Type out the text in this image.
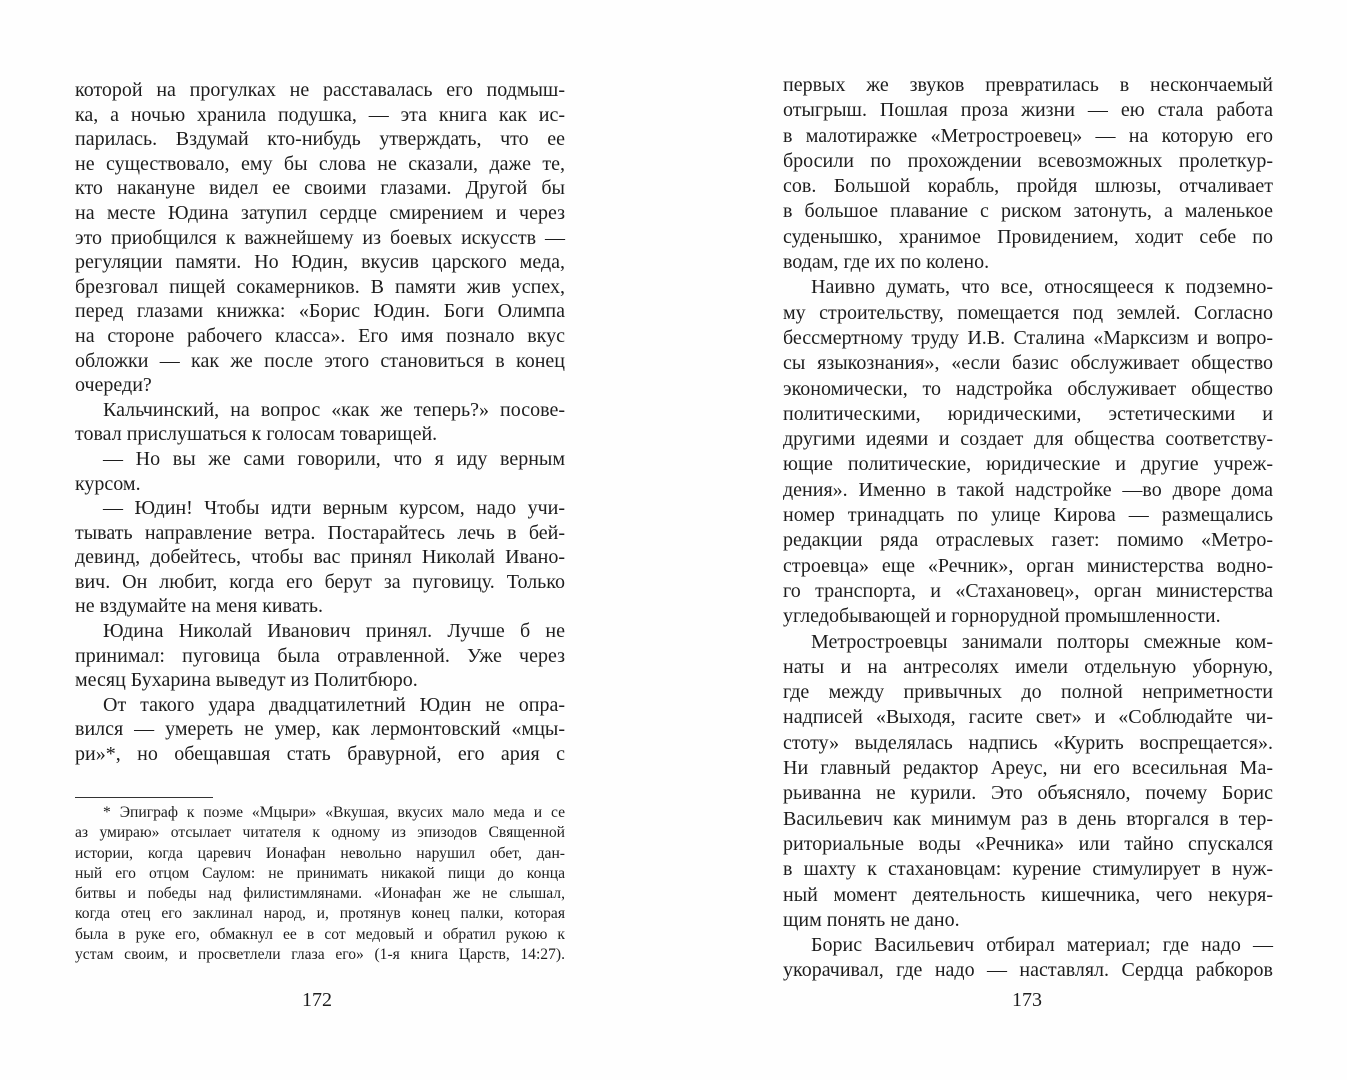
которой на прогулках не расставалась его подмыш-
ка, а ночью хранила подушка, — эта книга как ис-
парилась. Вздумай кто-нибудь утверждать, что ее
не существовало, ему бы слова не сказали, даже те,
кто накануне видел ее своими глазами. Другой бы
на месте Юдина затупил сердце смирением и через
это приобщился к важнейшему из боевых искусств —
регуляции памяти. Но Юдин, вкусив царского меда,
брезговал пищей сокамерников. В памяти жив успех,
перед глазами книжка: «Борис Юдин. Боги Олимпа
на стороне рабочего класса». Его имя познало вкус
обложки — как же после этого становиться в конец
очереди?
Кальчинский, на вопрос «как же теперь?» посове-
товал прислушаться к голосам товарищей.
— Но вы же сами говорили, что я иду верным
курсом.
— Юдин! Чтобы идти верным курсом, надо учи-
тывать направление ветра. Постарайтесь лечь в бей-
девинд, добейтесь, чтобы вас принял Николай Ивано-
вич. Он любит, когда его берут за пуговицу. Только
не вздумайте на меня кивать.
Юдина Николай Иванович принял. Лучше б не
принимал: пуговица была отравленной. Уже через
месяц Бухарина выведут из Политбюро.
От такого удара двадцатилетний Юдин не опра-
вился — умереть не умер, как лермонтовский «мцы-
ри»*, но обещавшая стать бравурной, его ария с
* Эпиграф к поэме «Мцыри» «Вкушая, вкусих мало меда и се
аз умираю» отсылает читателя к одному из эпизодов Священной
истории, когда царевич Ионафан невольно нарушил обет, дан-
ный его отцом Саулом: не принимать никакой пищи до конца
битвы и победы над филистимлянами. «Ионафан же не слышал,
когда отец его заклинал народ, и, протянув конец палки, которая
была в руке его, обмакнул ее в сот медовый и обратил рукою к
устам своим, и просветлели глаза его» (1-я книга Царств, 14:27).
172
первых же звуков превратилась в нескончаемый
отыгрыш. Пошлая проза жизни — ею стала работа
в малотиражке «Метростроевец» — на которую его
бросили по прохождении всевозможных пролеткур-
сов. Большой корабль, пройдя шлюзы, отчаливает
в большое плавание с риском затонуть, а маленькое
суденышко, хранимое Провидением, ходит себе по
водам, где их по колено.
Наивно думать, что все, относящееся к подземно-
му строительству, помещается под землей. Согласно
бессмертному труду И.В. Сталина «Марксизм и вопро-
сы языкознания», «если базис обслуживает общество
экономически, то надстройка обслуживает общество
политическими, юридическими, эстетическими и
другими идеями и создает для общества соответству-
ющие политические, юридические и другие учреж-
дения». Именно в такой надстройке —во дворе дома
номер тринадцать по улице Кирова — размещались
редакции ряда отраслевых газет: помимо «Метро-
строевца» еще «Речник», орган министерства водно-
го транспорта, и «Стахановец», орган министерства
угледобывающей и горнорудной промышленности.
Метростроевцы занимали полторы смежные ком-
наты и на антресолях имели отдельную уборную,
где между привычных до полной неприметности
надписей «Выходя, гасите свет» и «Соблюдайте чи-
стоту» выделялась надпись «Курить воспрещается».
Ни главный редактор Ареус, ни его всесильная Ма-
рьиванна не курили. Это объясняло, почему Борис
Васильевич как минимум раз в день вторгался в тер-
риториальные воды «Речника» или тайно спускался
в шахту к стахановцам: курение стимулирует в нуж-
ный момент деятельность кишечника, чего некуря-
щим понять не дано.
Борис Васильевич отбирал материал; где надо —
укорачивал, где надо — наставлял. Сердца рабкоров
173
